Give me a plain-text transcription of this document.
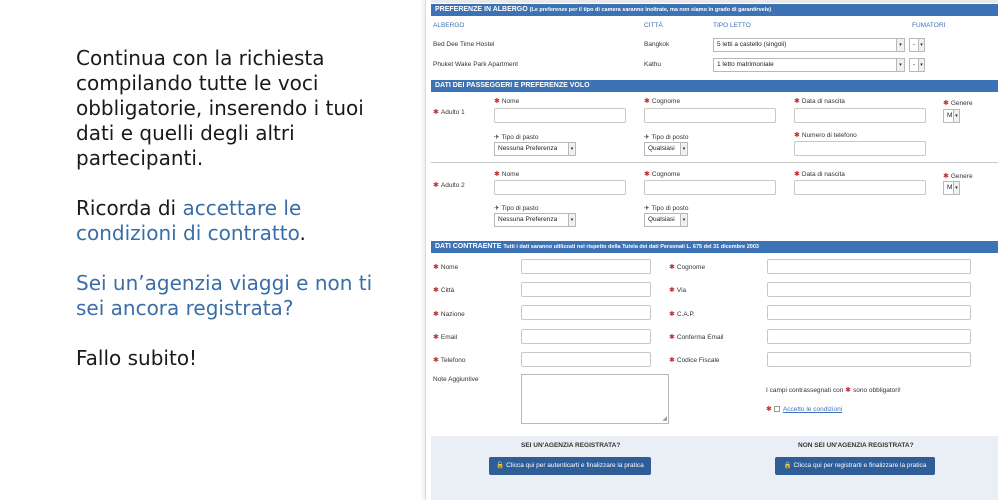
Continua con la richiesta compilando tutte le voci obbligatorie, inserendo i tuoi dati e quelli degli altri partecipanti.

Ricorda di accettare le condizioni di contratto.

Sei un’agenzia viaggi e non ti sei ancora registrata?

Fallo subito!

PREFERENZE IN ALBERGO (Le preferenze per il tipo di camera saranno inoltrate, ma non siamo in grado di garantirvele)
ALBERGO	CITTÀ	TIPO LETTO	FUMATORI
Bed Dee Time Hostel	Bangkok	5 letti a castello (singoli)	▾	-	▾
Phuket Wake Park Apartment	Kathu	1 letto matrimoniale	▾	-	▾
DATI DEI PASSEGGERI E PREFERENZE VOLO
✱ Nome	✱ Cognome	✱ Data di nascita	✱ Genere
✱ Adulto 1	M ▾
✈ Tipo di pasto	✈ Tipo di posto	✱ Numero di telefono
Nessuna Preferenza	▾	Qualsiasi	▾
✱ Nome	✱ Cognome	✱ Data di nascita	✱ Genere
✱ Adulto 2	M ▾
✈ Tipo di pasto	✈ Tipo di posto
Nessuna Preferenza	▾	Qualsiasi	▾
DATI CONTRAENTE Tutti i dati saranno utilizzati nel rispetto della Tutela dei dati Personali L. 675 del 31 dicembre 2003
✱ Nome	✱ Cognome
✱ Città	✱ Via
✱ Nazione	✱ C.A.P.
✱ Email	✱ Conferma Email
✱ Telefono	✱ Codice Fiscale
Note Aggiuntive
◢
I campi contrassegnati con ✱ sono obbligatori!
✱ Accetto le condizioni
SEI UN'AGENZIA REGISTRATA?
🔓 Clicca qui per autenticarti e finalizzare la pratica
NON SEI UN'AGENZIA REGISTRATA?
🔒 Clicca qui per registrarti e finalizzare la pratica
